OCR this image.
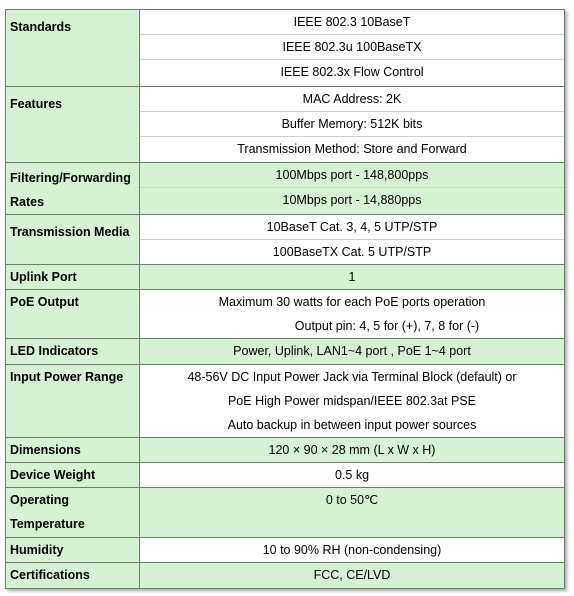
Standards	IEEE 802.3 10BaseT
IEEE 802.3u 100BaseTX
IEEE 802.3x Flow Control

Features	MAC Address: 2K
Buffer Memory: 512K bits
Transmission Method: Store and Forward

Filtering/Forwarding Rates	100Mbps port - 148,800pps
10Mbps port - 14,880pps

Transmission Media	10BaseT Cat. 3, 4, 5 UTP/STP
100BaseTX Cat. 5 UTP/STP

Uplink Port	1

PoE Output	Maximum 30 watts for each PoE ports operation
Output pin: 4, 5 for (+), 7, 8 for (-)

LED Indicators	Power, Uplink, LAN1~4 port , PoE 1~4 port

Input Power Range	48-56V DC Input Power Jack via Terminal Block (default) or
PoE High Power midspan/IEEE 802.3at PSE
Auto backup in between input power sources

Dimensions	120 × 90 × 28 mm (L x W x H)

Device Weight	0.5 kg

Operating Temperature	0 to 50℃

Humidity	10 to 90% RH (non-condensing)

Certifications	FCC, CE/LVD
